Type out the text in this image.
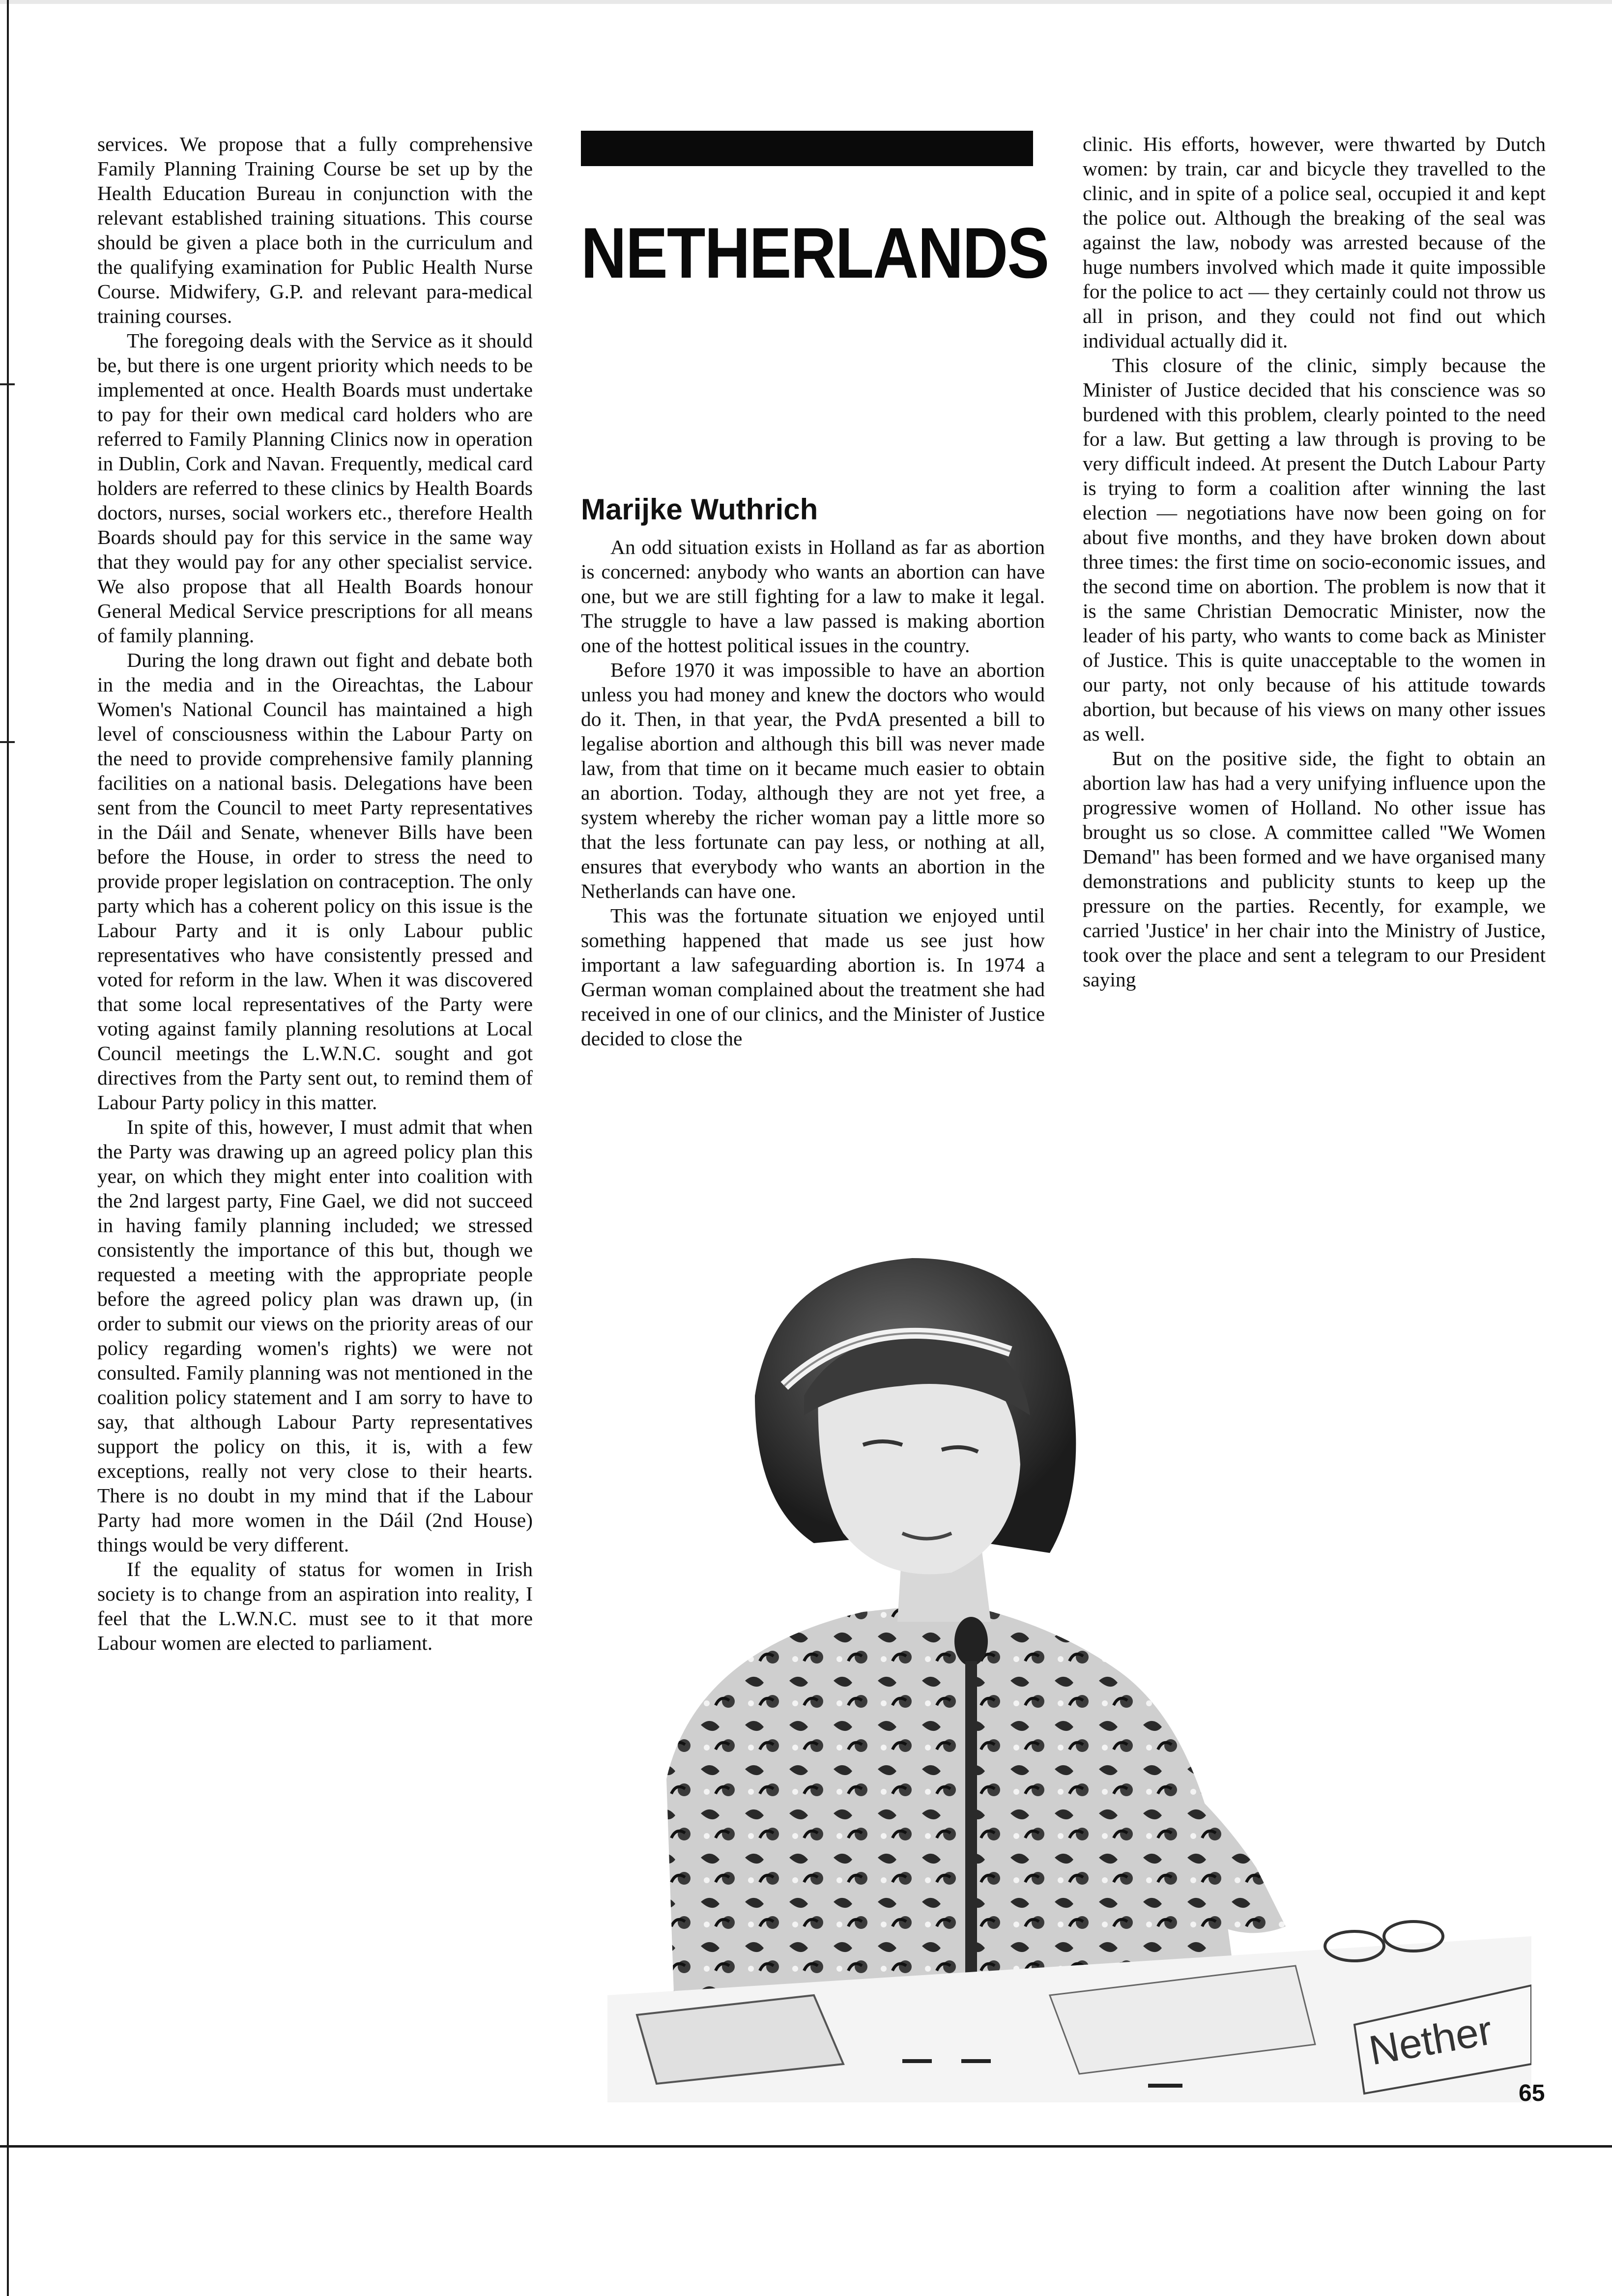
services. We propose that a fully comprehensive Family Planning Training Course be set up by the Health Education Bureau in conjunction with the relevant established training situations. This course should be given a place both in the curriculum and the qualifying examination for Public Health Nurse Course. Midwifery, G.P. and relevant para-medical training courses.

The foregoing deals with the Service as it should be, but there is one urgent priority which needs to be implemented at once. Health Boards must undertake to pay for their own medical card holders who are referred to Family Planning Clinics now in operation in Dublin, Cork and Navan. Frequently, medical card holders are referred to these clinics by Health Boards doctors, nurses, social workers etc., therefore Health Boards should pay for this service in the same way that they would pay for any other specialist service. We also propose that all Health Boards honour General Medical Service prescriptions for all means of family planning.

During the long drawn out fight and debate both in the media and in the Oireachtas, the Labour Women's National Council has maintained a high level of consciousness within the Labour Party on the need to provide comprehensive family planning facilities on a national basis. Delegations have been sent from the Council to meet Party representatives in the Dáil and Senate, whenever Bills have been before the House, in order to stress the need to provide proper legislation on contraception. The only party which has a coherent policy on this issue is the Labour Party and it is only Labour public representatives who have consistently pressed and voted for reform in the law. When it was discovered that some local representatives of the Party were voting against family planning resolutions at Local Council meetings the L.W.N.C. sought and got directives from the Party sent out, to remind them of Labour Party policy in this matter.

In spite of this, however, I must admit that when the Party was drawing up an agreed policy plan this year, on which they might enter into coalition with the 2nd largest party, Fine Gael, we did not succeed in having family planning included; we stressed consistently the importance of this but, though we requested a meeting with the appropriate people before the agreed policy plan was drawn up, (in order to submit our views on the priority areas of our policy regarding women's rights) we were not consulted. Family planning was not mentioned in the coalition policy statement and I am sorry to have to say, that although Labour Party representatives support the policy on this, it is, with a few exceptions, really not very close to their hearts. There is no doubt in my mind that if the Labour Party had more women in the Dáil (2nd House) things would be very different.

If the equality of status for women in Irish society is to change from an aspiration into reality, I feel that the L.W.N.C. must see to it that more Labour women are elected to parliament.

NETHERLANDS
Marijke Wuthrich

An odd situation exists in Holland as far as abortion is concerned: anybody who wants an abortion can have one, but we are still fighting for a law to make it legal. The struggle to have a law passed is making abortion one of the hottest political issues in the country.

Before 1970 it was impossible to have an abortion unless you had money and knew the doctors who would do it. Then, in that year, the PvdA presented a bill to legalise abortion and although this bill was never made law, from that time on it became much easier to obtain an abortion. Today, although they are not yet free, a system whereby the richer woman pay a little more so that the less fortunate can pay less, or nothing at all, ensures that everybody who wants an abortion in the Netherlands can have one.

This was the fortunate situation we enjoyed until something happened that made us see just how important a law safeguarding abortion is. In 1974 a German woman complained about the treatment she had received in one of our clinics, and the Minister of Justice decided to close the

clinic. His efforts, however, were thwarted by Dutch women: by train, car and bicycle they travelled to the clinic, and in spite of a police seal, occupied it and kept the police out. Although the breaking of the seal was against the law, nobody was arrested because of the huge numbers involved which made it quite impossible for the police to act — they certainly could not throw us all in prison, and they could not find out which individual actually did it.

This closure of the clinic, simply because the Minister of Justice decided that his conscience was so burdened with this problem, clearly pointed to the need for a law. But getting a law through is proving to be very difficult indeed. At present the Dutch Labour Party is trying to form a coalition after winning the last election — negotiations have now been going on for about five months, and they have broken down about three times: the first time on socio-economic issues, and the second time on abortion. The problem is now that it is the same Christian Democratic Minister, now the leader of his party, who wants to come back as Minister of Justice. This is quite unacceptable to the women in our party, not only because of his attitude towards abortion, but because of his views on many other issues as well.

But on the positive side, the fight to obtain an abortion law has had a very unifying influence upon the progressive women of Holland. No other issue has brought us so close. A committee called "We Women Demand" has been formed and we have organised many demonstrations and publicity stunts to keep up the pressure on the parties. Recently, for example, we carried 'Justice' in her chair into the Ministry of Justice, took over the place and sent a telegram to our President saying

Nether
65
